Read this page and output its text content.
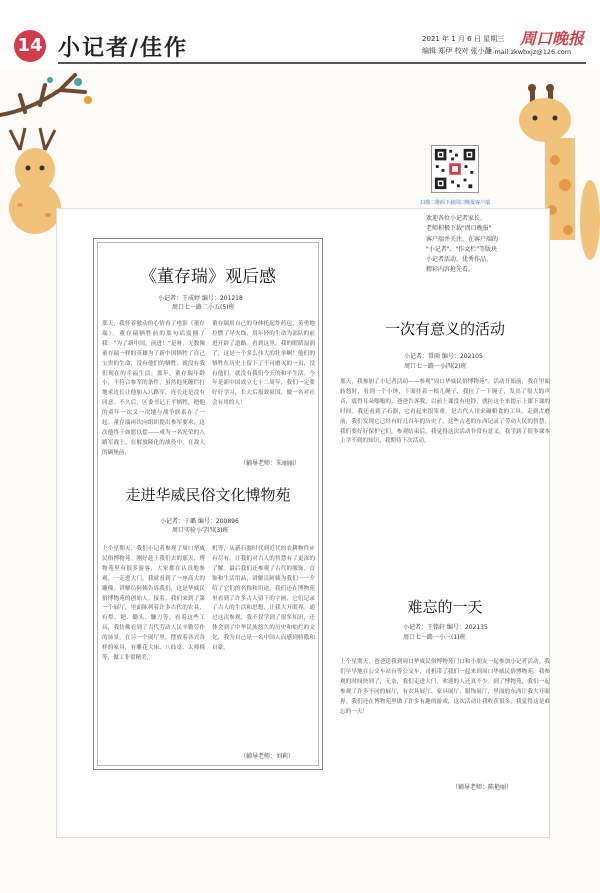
14 小记者/佳作	2021 年 1 月 6 日 星期三
编辑 郑伊 校对 张小静
周口晚报
E-mail:zkwbxjz@126.com
扫描二维码下载周口晚报客户端
欢迎各位小记者家长、
老师积极下载"周口晚报"
客户端并关注，在客户端的
"小记者"、"作文栏"等版块
小记者活动、优秀作品、
精彩内容抢先看。
《董存瑞》观后感
小记者：王成婷 编号：201218
周口七一路二小五(5)班
那天，我怀着激动的心情看了电影《董存瑞》。董存瑞牺牲前的那句话震撼了我：“为了新中国，前进！”是呀，无数像董存瑞一样的英雄为了新中国牺牲了自己宝贵的生命，没有他们的牺牲，就没有我们现在的幸福生活。那年，董存瑞年龄小，不符合参军的条件，虽然他死缠烂打地求连长让他加入八路军，连长还是没有同意。不久后，区委书记王平牺牲，把他的童年一次又一次地与战争联系在了一起。董存瑞再次向组织提出参军要求，这次他终于如愿以偿——成为一名光荣的八路军战士。在解放隆化的战役中，在敌人的碉堡前，
董存瑞用自己的身体托起炸药包，英勇地拉燃了导火线，用年轻的生命为部队的前进开辟了道路。看到这里，我的眼睛湿润了，这是一个多么伟大的壮举啊！他们的牺牲在历史上留下了不可磨灭的一页，没有他们，就没有我们今天的和平生活。今年是新中国成立七十二周年，我们一定要好好学习，长大后报效祖国，做一名对社会有用的人！
（辅导老师：朱丽丽）
走进华威民俗文化博物苑
小记者：于璐 编号：200896
周口实验小学四(3)班
上个星期天，我们小记者参观了周口华威民俗博物苑。刚好赶上我们去的那天，博物苑里有很多游客，大家都在认真地参观。一走进大门，我就看到了一座高大的雕像。讲解员阿姨告诉我们，这是华威民俗博物苑的创始人。接着，我们来到了第一个展厅，里面陈列着许多古代的农具，有犁、耙、锄头、镰刀等，看着这些工具，我仿佛看到了古代劳动人民辛勤劳作的场景。在另一个展厅里，摆放着各式各样的家具，有雕花大床、八仙桌、太师椅等，做工非常精美，
机等，从新石器时代到近代的农耕物件应有尽有，让我们对古人的智慧有了更深的了解。最后我们还参观了古代的服饰、首饰和生活用品，讲解员阿姨为我们一一介绍了它们的名称和用途。我们还在博物苑里看到了许多古人留下的字画，它们记录了古人的生活和思想，让我大开眼界。通过这次参观，我不仅学到了很多知识，还体会到了中华民族悠久的历史和灿烂的文化，我为自己是一名中国人而感到骄傲和自豪。
（辅导老师：刘莉）
一次有意义的活动
小记者：常雨 编号：202105
周口七一路一小四(2)班
那天，我参加了小记者活动——参观“周口华威民俗博物苑”。活动开始前，我在里面转悠时，看到一个小钟，下面挂着一根儿绳子，我拉了一下绳子，发出了很大的声音，震得耳朵嗡嗡的。爸爸告诉我，以前上课没有电铃，就拉这个来提示上课下课的时间。我还看到了石器，它看起来很笨重，是古代人用来碾粮食的工具。走到古磨前，我们发现它已经有好几百年的历史了。这些古老的东西记录了劳动人民的智慧，我们要好好保护它们。参观结束后，我觉得这次活动非常有意义，我学到了很多课本上学不到的知识，我期待下次活动。
难忘的一天
小记者：王铭轩 编号：202135
周口七一路一小三(1)班
上个星期天，爸爸送我到周口华威民俗博物苑门口和小朋友一起参加小记者活动。我们早早地在公交车站台等公交车，司机带了我们一起来到周口华威民俗博物苑。我参观的时间快到了，无奈，我们走进大门，欢迎的人还真不少。到了博物苑，我们一起参观了许多不同的展厅，有农具展厅、家具展厅、服饰展厅，里面的东西让我大开眼界。我们还在博物苑里做了许多有趣的游戏，这次活动让我收获很多，我觉得这是难忘的一天！
（辅导老师：陈艳丽）
